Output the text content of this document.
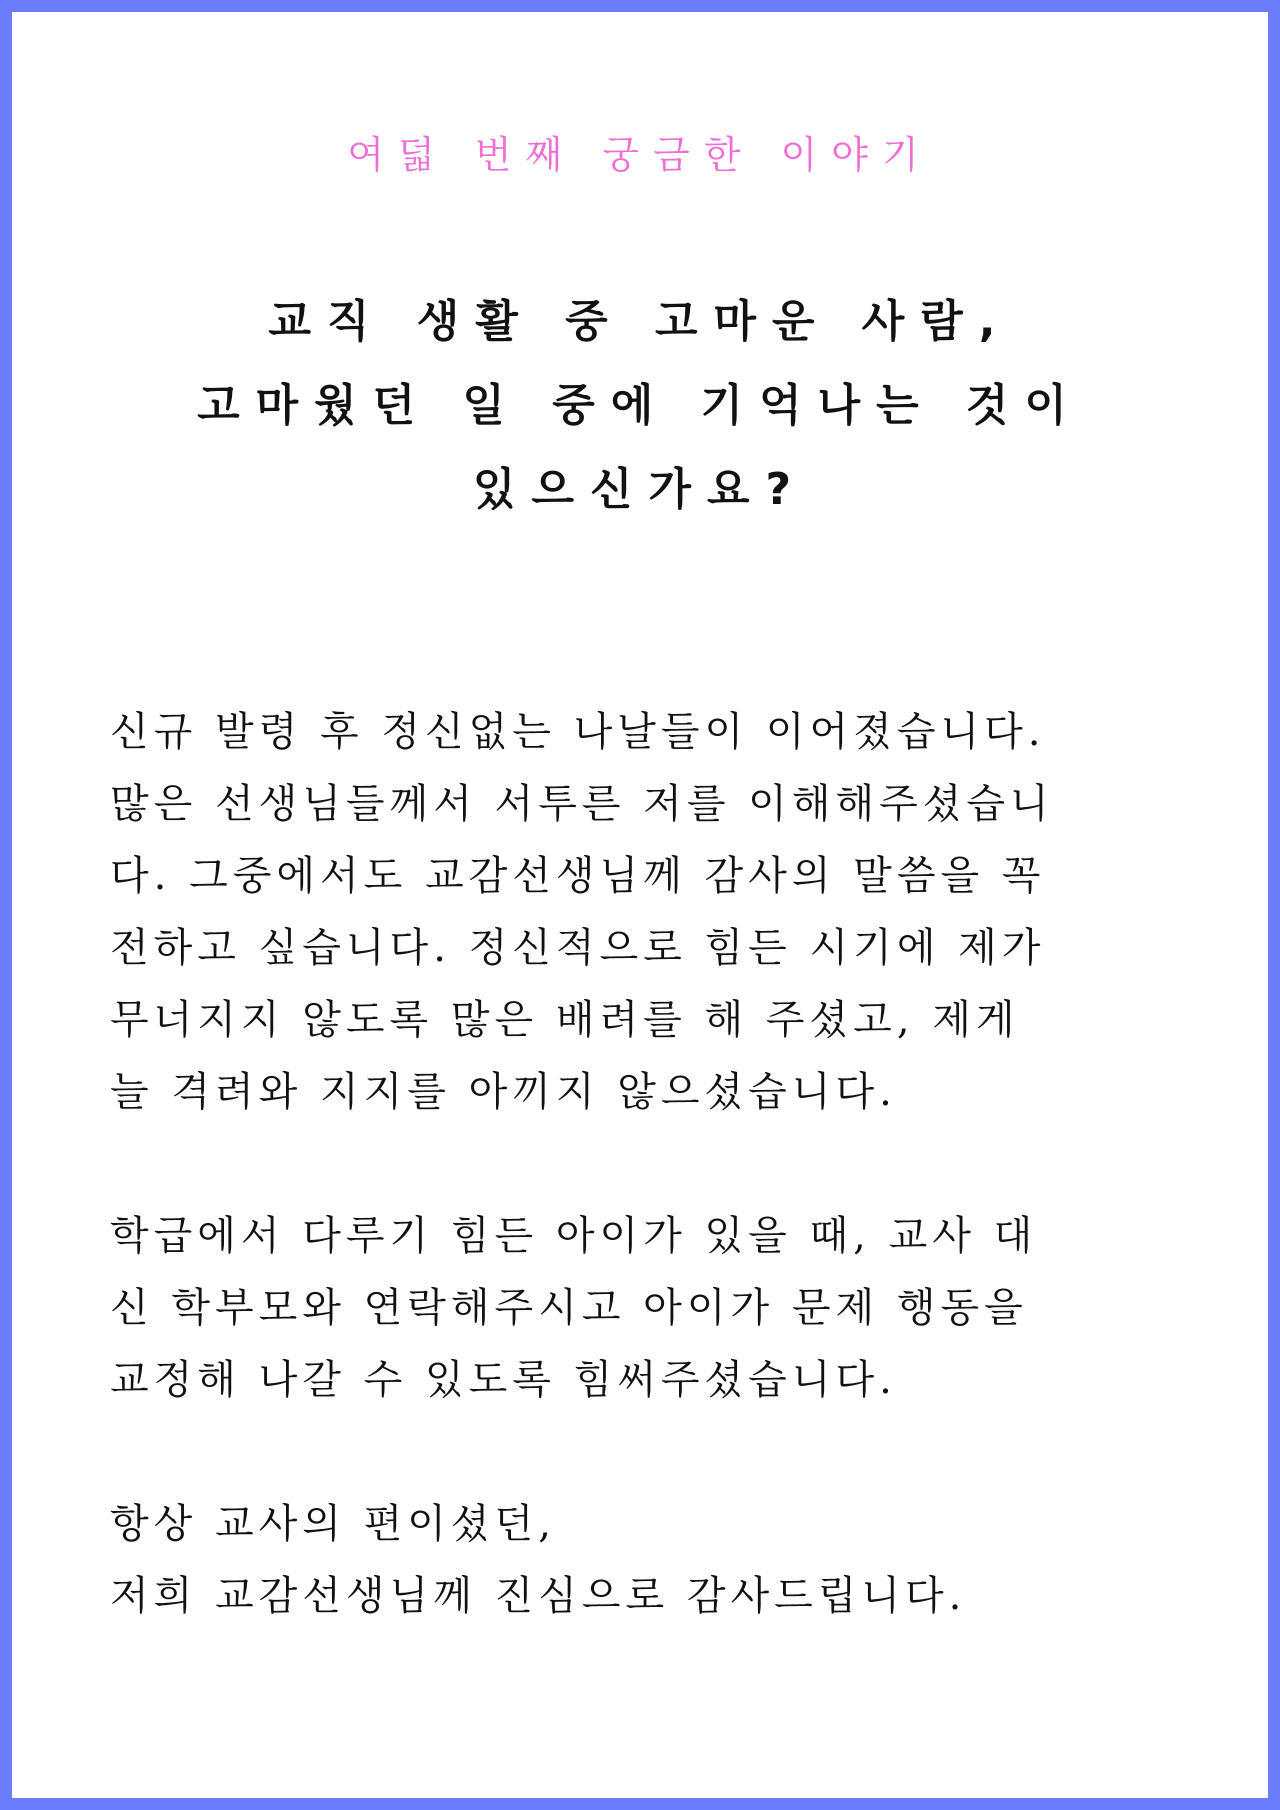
여덟 번째 궁금한 이야기
교직 생활 중 고마운 사람,
고마웠던 일 중에 기억나는 것이
있으신가요?
신규 발령 후 정신없는 나날들이 이어졌습니다.
많은 선생님들께서 서투른 저를 이해해주셨습니
다. 그중에서도 교감선생님께 감사의 말씀을 꼭
전하고 싶습니다. 정신적으로 힘든 시기에 제가
무너지지 않도록 많은 배려를 해 주셨고, 제게
늘 격려와 지지를 아끼지 않으셨습니다.
학급에서 다루기 힘든 아이가 있을 때, 교사 대
신 학부모와 연락해주시고 아이가 문제 행동을
교정해 나갈 수 있도록 힘써주셨습니다.
항상 교사의 편이셨던,
저희 교감선생님께 진심으로 감사드립니다.
